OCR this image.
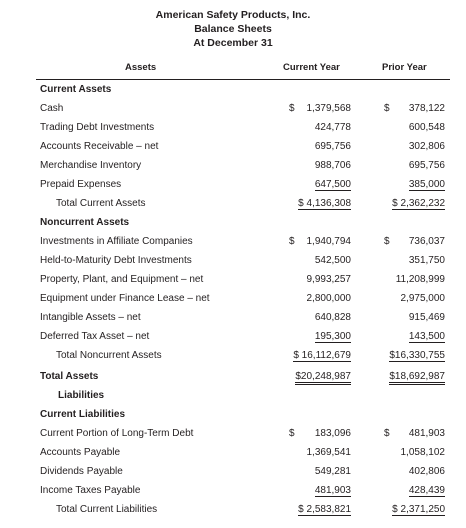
American Safety Products, Inc.
Balance Sheets
At December 31
Assets	Current Year	Prior Year
Current Assets
Cash	$ 1,379,568	$ 378,122
Trading Debt Investments	424,778	600,548
Accounts Receivable – net	695,756	302,806
Merchandise Inventory	988,706	695,756
Prepaid Expenses	647,500	385,000
Total Current Assets	$ 4,136,308	$ 2,362,232
Noncurrent Assets
Investments in Affiliate Companies	$ 1,940,794	$ 736,037
Held-to-Maturity Debt Investments	542,500	351,750
Property, Plant, and Equipment – net	9,993,257	11,208,999
Equipment under Finance Lease – net	2,800,000	2,975,000
Intangible Assets – net	640,828	915,469
Deferred Tax Asset – net	195,300	143,500
Total Noncurrent Assets	$ 16,112,679	$16,330,755
Total Assets	$20,248,987	$18,692,987
Liabilities
Current Liabilities
Current Portion of Long-Term Debt	$ 183,096	$ 481,903
Accounts Payable	1,369,541	1,058,102
Dividends Payable	549,281	402,806
Income Taxes Payable	481,903	428,439
Total Current Liabilities	$ 2,583,821	$ 2,371,250
